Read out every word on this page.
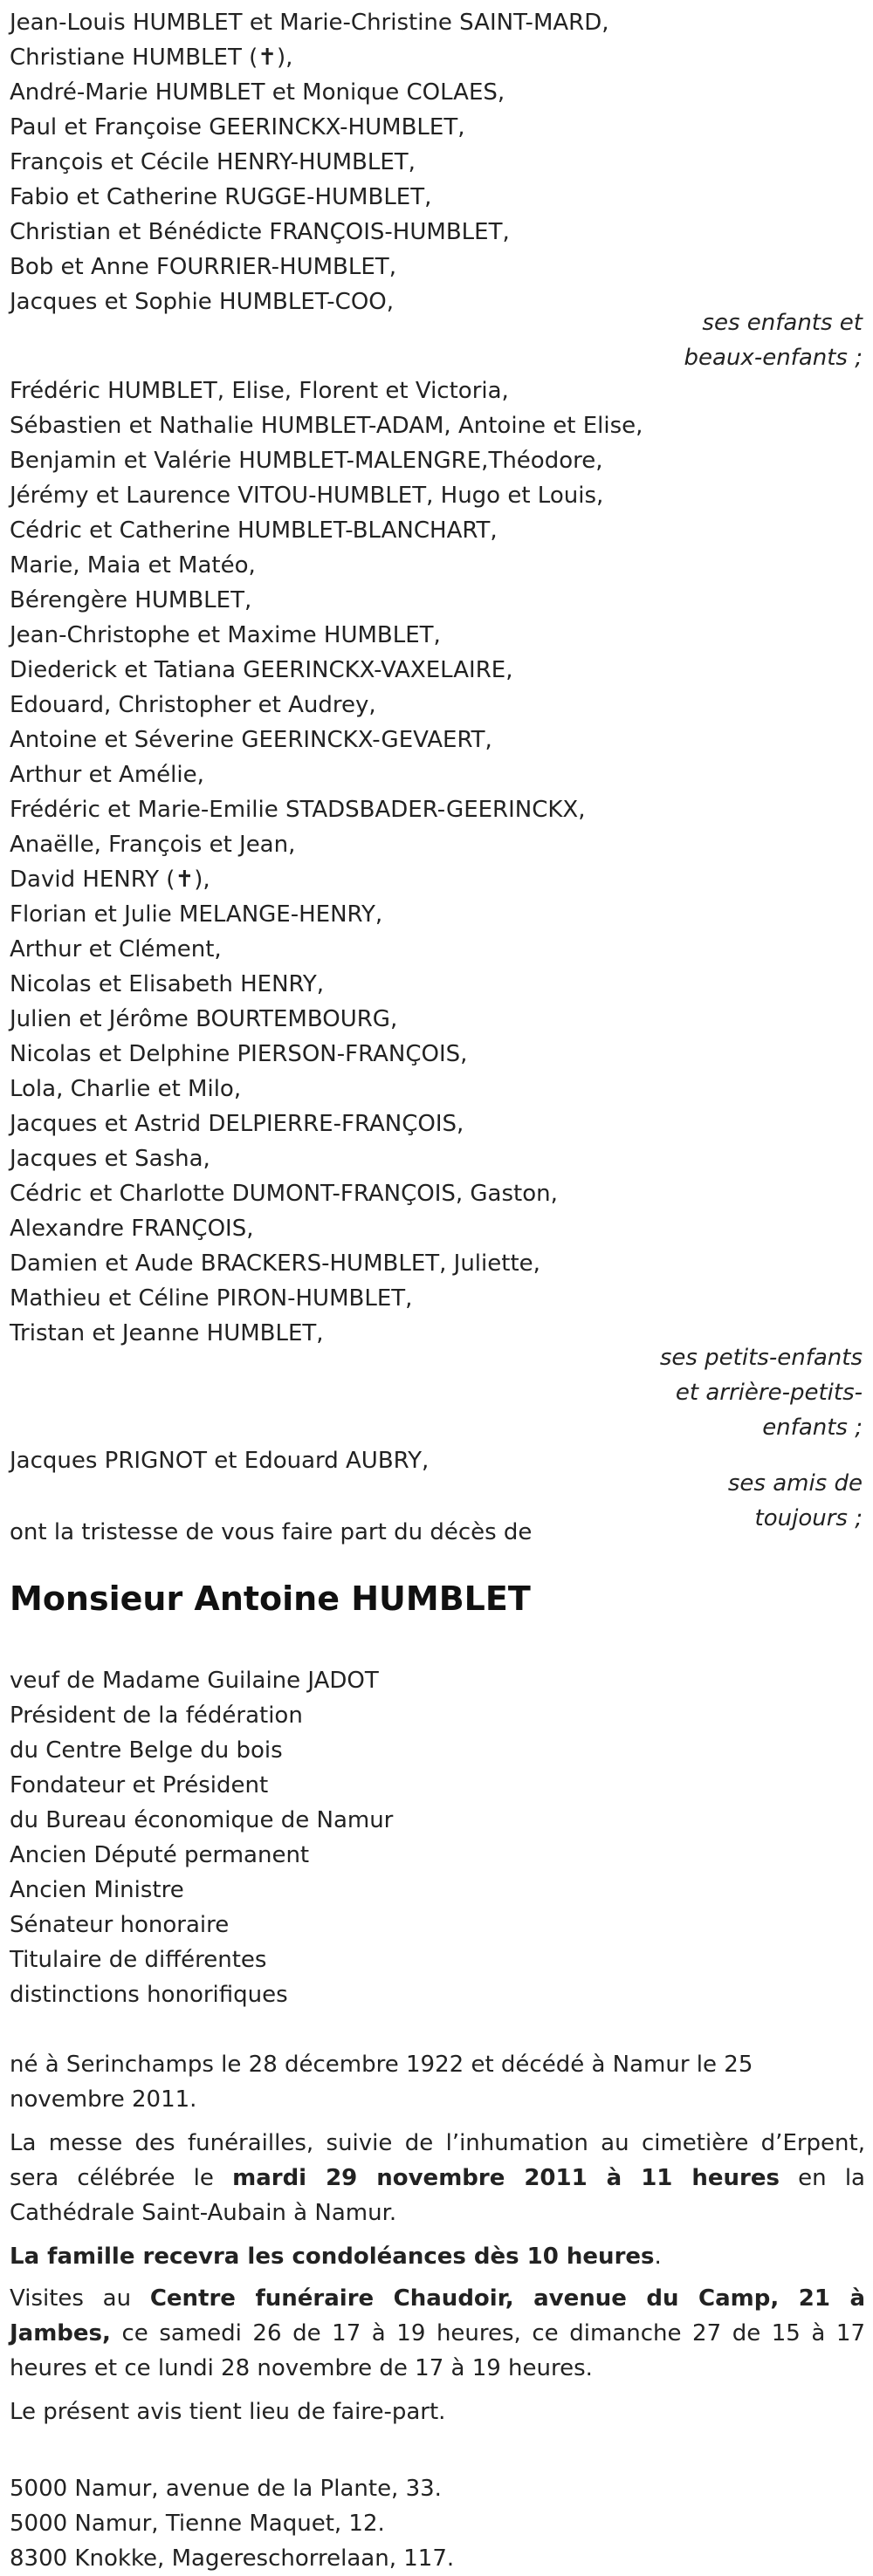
Jean-Louis HUMBLET et Marie-Christine SAINT-MARD,

Christiane HUMBLET (✝),

André-Marie HUMBLET et Monique COLAES,

Paul et Françoise GEERINCKX-HUMBLET,

François et Cécile HENRY-HUMBLET,

Fabio et Catherine RUGGE-HUMBLET,

Christian et Bénédicte FRANÇOIS-HUMBLET,

Bob et Anne FOURRIER-HUMBLET,

Jacques et Sophie HUMBLET-COO,

ses enfants et

beaux-enfants ;

Frédéric HUMBLET, Elise, Florent et Victoria,

Sébastien et Nathalie HUMBLET-ADAM, Antoine et Elise,

Benjamin et Valérie HUMBLET-MALENGRE,Théodore,

Jérémy et Laurence VITOU-HUMBLET, Hugo et Louis,

Cédric et Catherine HUMBLET-BLANCHART,

Marie, Maia et Matéo,

Bérengère HUMBLET,

Jean-Christophe et Maxime HUMBLET,

Diederick et Tatiana GEERINCKX-VAXELAIRE,

Edouard, Christopher et Audrey,

Antoine et Séverine GEERINCKX-GEVAERT,

Arthur et Amélie,

Frédéric et Marie-Emilie STADSBADER-GEERINCKX,

Anaëlle, François et Jean,

David HENRY (✝),

Florian et Julie MELANGE-HENRY,

Arthur et Clément,

Nicolas et Elisabeth HENRY,

Julien et Jérôme BOURTEMBOURG,

Nicolas et Delphine PIERSON-FRANÇOIS,

Lola, Charlie et Milo,

Jacques et Astrid DELPIERRE-FRANÇOIS,

Jacques et Sasha,

Cédric et Charlotte DUMONT-FRANÇOIS, Gaston,

Alexandre FRANÇOIS,

Damien et Aude BRACKERS-HUMBLET, Juliette,

Mathieu et Céline PIRON-HUMBLET,

Tristan et Jeanne HUMBLET,

ses petits-enfants

et arrière-petits-

enfants ;

Jacques PRIGNOT et Edouard AUBRY,

ses amis de

toujours ;

ont la tristesse de vous faire part du décès de

Monsieur Antoine HUMBLET

veuf de Madame Guilaine JADOT

Président de la fédération

du Centre Belge du bois

Fondateur et Président

du Bureau économique de Namur

Ancien Député permanent

Ancien Ministre

Sénateur honoraire

Titulaire de différentes

distinctions honorifiques

né à Serinchamps le 28 décembre 1922 et décédé à Namur le 25 novembre 2011.

La messe des funérailles, suivie de l’inhumation au cimetière d’Erpent, sera célébrée le mardi 29 novembre 2011 à 11 heures en la Cathédrale Saint-Aubain à Namur.

La famille recevra les condoléances dès 10 heures.

Visites au Centre funéraire Chaudoir, avenue du Camp, 21 à Jambes, ce samedi 26 de 17 à 19 heures, ce dimanche 27 de 15 à 17 heures et ce lundi 28 novembre de 17 à 19 heures.

Le présent avis tient lieu de faire-part.

5000 Namur, avenue de la Plante, 33.

5000 Namur, Tienne Maquet, 12.

8300 Knokke, Magereschorrelaan, 117.
